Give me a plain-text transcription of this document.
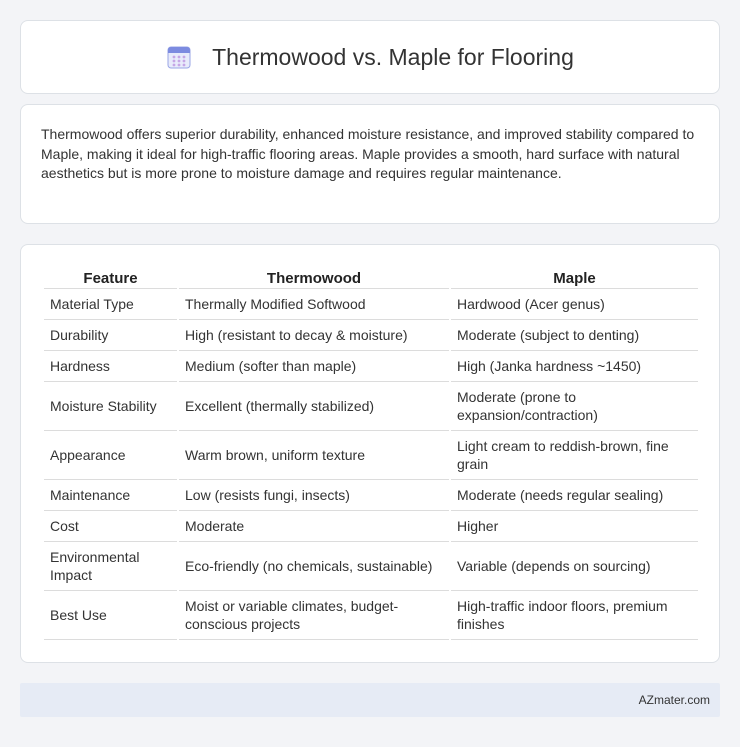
Thermowood vs. Maple for Flooring

Thermowood offers superior durability, enhanced moisture resistance, and improved stability compared to Maple, making it ideal for high-traffic flooring areas. Maple provides a smooth, hard surface with natural aesthetics but is more prone to moisture damage and requires regular maintenance.

Feature	Thermowood	Maple
Material Type	Thermally Modified Softwood	Hardwood (Acer genus)
Durability	High (resistant to decay & moisture)	Moderate (subject to denting)
Hardness	Medium (softer than maple)	High (Janka hardness ~1450)
Moisture Stability	Excellent (thermally stabilized)	Moderate (prone to expansion/contraction)
Appearance	Warm brown, uniform texture	Light cream to reddish-brown, fine grain
Maintenance	Low (resists fungi, insects)	Moderate (needs regular sealing)
Cost	Moderate	Higher
Environmental Impact	Eco-friendly (no chemicals, sustainable)	Variable (depends on sourcing)
Best Use	Moist or variable climates, budget-conscious projects	High-traffic indoor floors, premium finishes
AZmater.com
